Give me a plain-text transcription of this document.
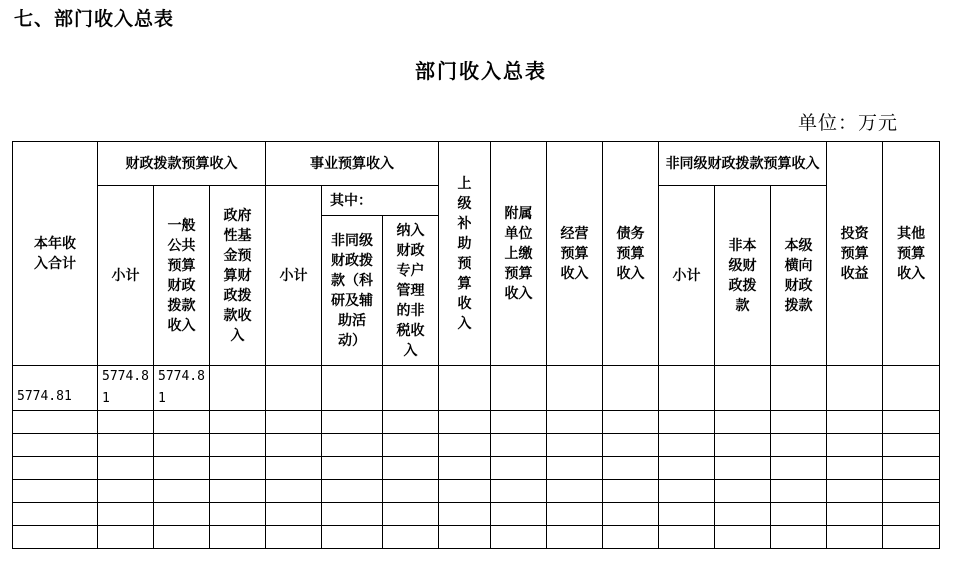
七、部门收入总表
部门收入总表
单位：万元
本年收入合计	财政拨款预算收入			事业预算收入			上级补助预算收入	附属单位上缴预算收入	经营预算收入	债务预算收入	非同级财政拨款预算收入			投资预算收益	其他预算收入
	小计	一般公共预算财政拨款收入	政府性基金预算财政拨款收入	小计	其中：						小计	非本级财政拨款	本级横向财政拨款		
					非同级财政拨款（科研及辅助活动）	纳入财政专户管理的非税收入									
5774.81	5774.81	5774.81													
